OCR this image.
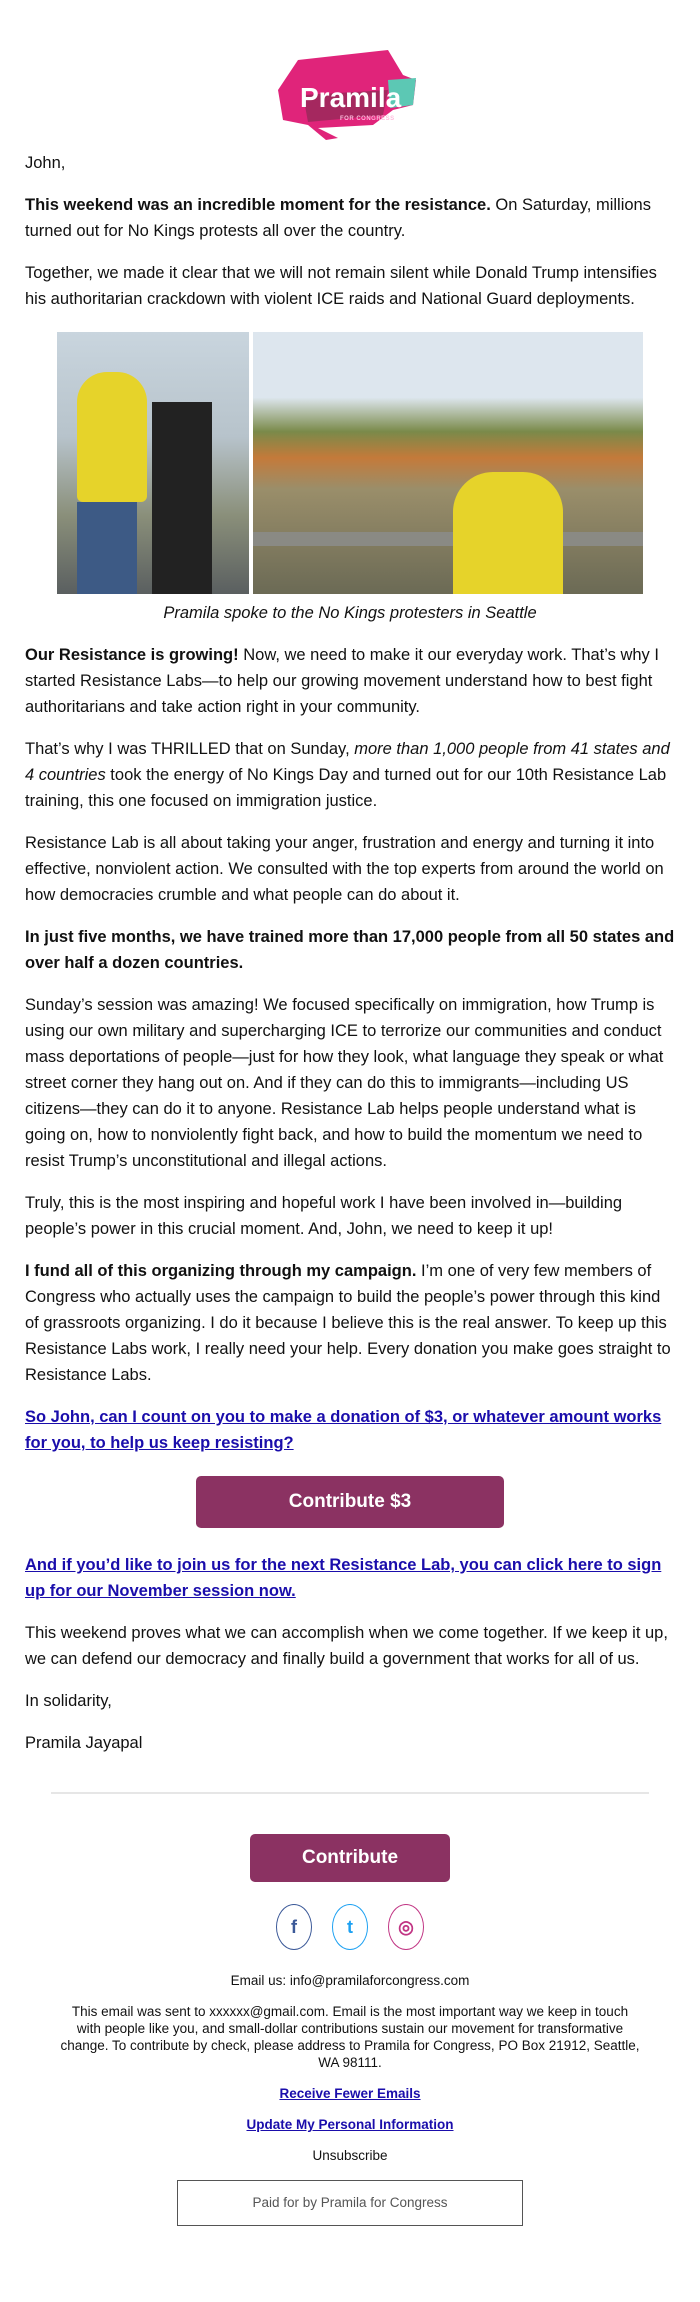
Pramila
FOR CONGRESS

John,

This weekend was an incredible moment for the resistance. On Saturday, millions turned out for No Kings protests all over the country.

Together, we made it clear that we will not remain silent while Donald Trump intensifies his authoritarian crackdown with violent ICE raids and National Guard deployments.

Pramila spoke to the No Kings protesters in Seattle

Our Resistance is growing! Now, we need to make it our everyday work. That’s why I started Resistance Labs—to help our growing movement understand how to best fight authoritarians and take action right in your community.

That’s why I was THRILLED that on Sunday, more than 1,000 people from 41 states and 4 countries took the energy of No Kings Day and turned out for our 10th Resistance Lab training, this one focused on immigration justice.

Resistance Lab is all about taking your anger, frustration and energy and turning it into effective, nonviolent action. We consulted with the top experts from around the world on how democracies crumble and what people can do about it.

In just five months, we have trained more than 17,000 people from all 50 states and over half a dozen countries.

Sunday’s session was amazing! We focused specifically on immigration, how Trump is using our own military and supercharging ICE to terrorize our communities and conduct mass deportations of people—just for how they look, what language they speak or what street corner they hang out on. And if they can do this to immigrants—including US citizens—they can do it to anyone. Resistance Lab helps people understand what is going on, how to nonviolently fight back, and how to build the momentum we need to resist Trump’s unconstitutional and illegal actions.

Truly, this is the most inspiring and hopeful work I have been involved in—building people’s power in this crucial moment. And, John, we need to keep it up!

I fund all of this organizing through my campaign. I’m one of very few members of Congress who actually uses the campaign to build the people’s power through this kind of grassroots organizing. I do it because I believe this is the real answer. To keep up this Resistance Labs work, I really need your help. Every donation you make goes straight to Resistance Labs.

So John, can I count on you to make a donation of $3, or whatever amount works for you, to help us keep resisting?

Contribute $3

And if you’d like to join us for the next Resistance Lab, you can click here to sign up for our November session now.

This weekend proves what we can accomplish when we come together. If we keep it up, we can defend our democracy and finally build a government that works for all of us.

In solidarity,

Pramila Jayapal

Contribute
f	t	◎

Email us: info@pramilaforcongress.com

This email was sent to xxxxxx@gmail.com. Email is the most important way we keep in touch with people like you, and small-dollar contributions sustain our movement for transformative change. To contribute by check, please address to Pramila for Congress, PO Box 21912, Seattle, WA 98111.

Receive Fewer Emails

Update My Personal Information

Unsubscribe

Paid for by Pramila for Congress
